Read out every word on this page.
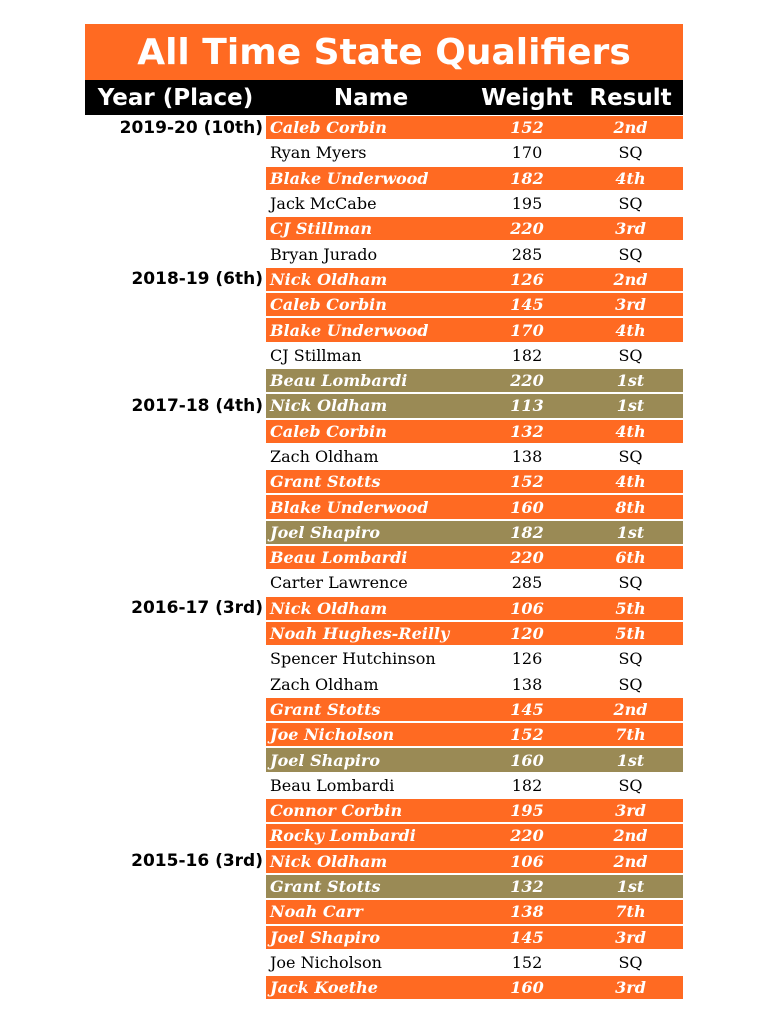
All Time State Qualifiers
Year (Place)	Name	Weight Result
2019-20 (10th) Caleb Corbin	152	2nd
Ryan Myers	170	SQ
Blake Underwood	182	4th
Jack McCabe	195	SQ
CJ Stillman	220	3rd
Bryan Jurado	285	SQ
2018-19 (6th) Nick Oldham	126	2nd
Caleb Corbin	145	3rd
Blake Underwood	170	4th
CJ Stillman	182	SQ
Beau Lombardi	220	1st
2017-18 (4th) Nick Oldham	113	1st
Caleb Corbin	132	4th
Zach Oldham	138	SQ
Grant Stotts	152	4th
Blake Underwood	160	8th
Joel Shapiro	182	1st
Beau Lombardi	220	6th
Carter Lawrence	285	SQ
2016-17 (3rd) Nick Oldham	106	5th
Noah Hughes-Reilly	120	5th
Spencer Hutchinson	126	SQ
Zach Oldham	138	SQ
Grant Stotts	145	2nd
Joe Nicholson	152	7th
Joel Shapiro	160	1st
Beau Lombardi	182	SQ
Connor Corbin	195	3rd
Rocky Lombardi	220	2nd
2015-16 (3rd) Nick Oldham	106	2nd
Grant Stotts	132	1st
Noah Carr	138	7th
Joel Shapiro	145	3rd
Joe Nicholson	152	SQ
Jack Koethe	160	3rd
